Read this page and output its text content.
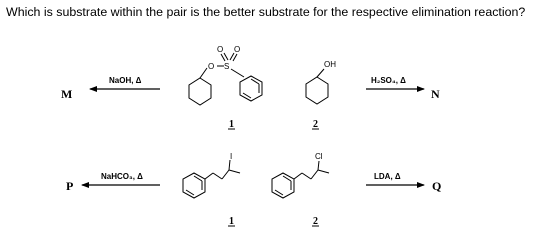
Which is substrate within the pair is the better substrate for the respective elimination reaction?
M
NaOH, Δ
O S
O O
1
OH
2
H₂SO₄, Δ
N
P
NaHCO₃, Δ
I
1
Cl
2
LDA, Δ
Q
